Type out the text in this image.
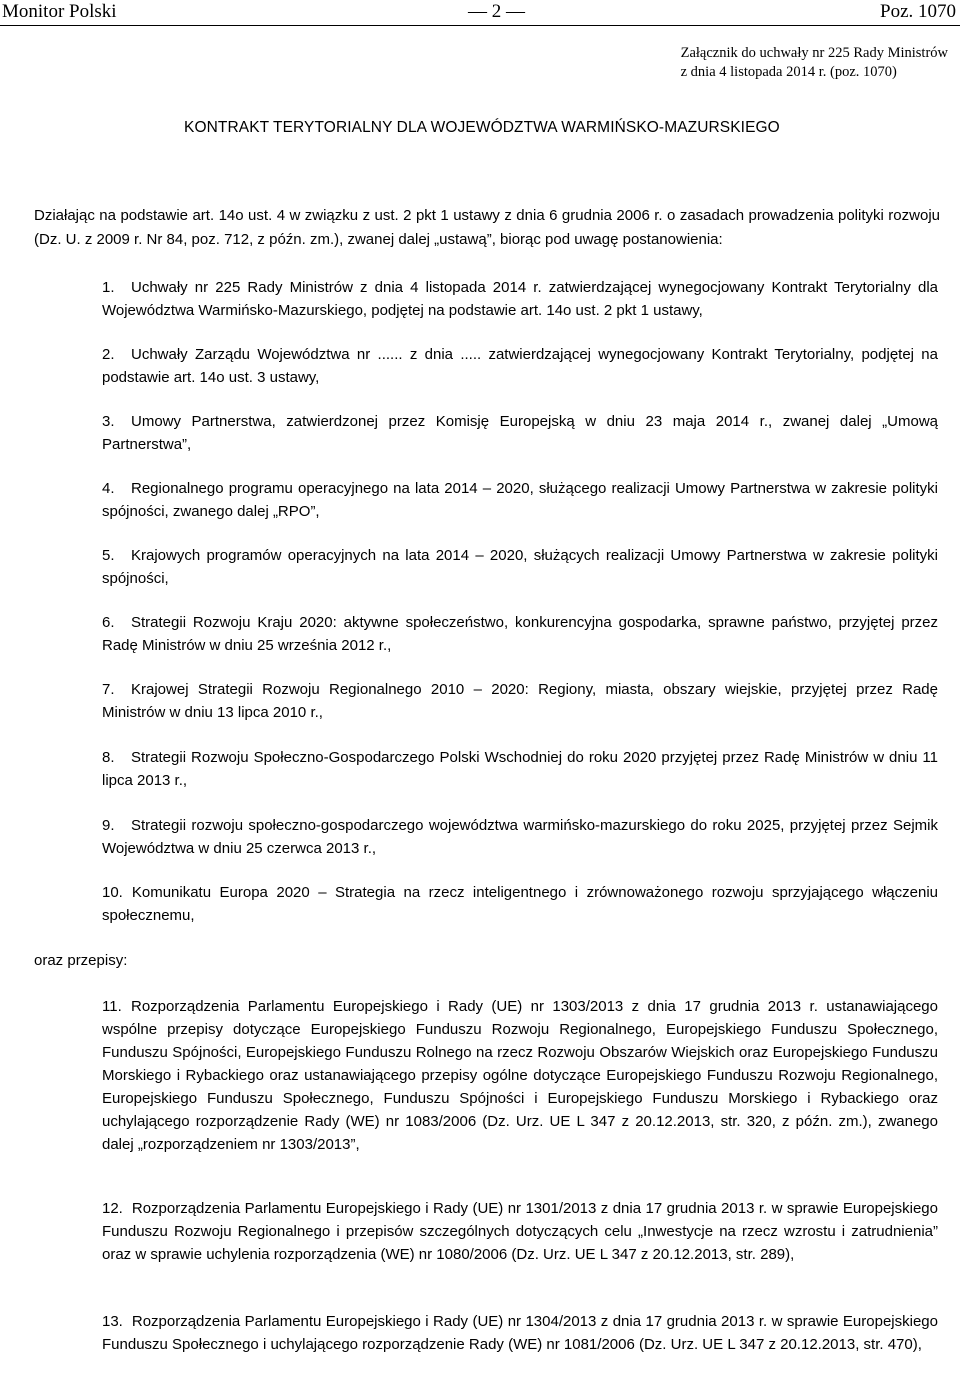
Monitor Polski	— 2 —	Poz. 1070
Załącznik do uchwały nr 225 Rady Ministrów
z dnia 4 listopada 2014 r. (poz. 1070)
KONTRAKT TERYTORIALNY DLA WOJEWÓDZTWA WARMIŃSKO-MAZURSKIEGO

Działając na podstawie art. 14o ust. 4 w związku z ust. 2 pkt 1 ustawy z dnia 6 grudnia 2006 r. o zasadach prowadzenia polityki rozwoju (Dz. U. z 2009 r. Nr 84, poz. 712, z późn. zm.), zwanej dalej „ustawą”, biorąc pod uwagę postanowienia:

1. Uchwały nr 225 Rady Ministrów z dnia 4 listopada 2014 r. zatwierdzającej wynegocjowany Kontrakt Terytorialny dla Województwa Warmińsko-Mazurskiego, podjętej na podstawie art. 14o ust. 2 pkt 1 ustawy,

2. Uchwały Zarządu Województwa nr ...... z dnia ..... zatwierdzającej wynegocjowany Kontrakt Terytorialny, podjętej na podstawie art. 14o ust. 3 ustawy,

3. Umowy Partnerstwa, zatwierdzonej przez Komisję Europejską w dniu 23 maja 2014 r., zwanej dalej „Umową Partnerstwa”,

4. Regionalnego programu operacyjnego na lata 2014 – 2020, służącego realizacji Umowy Partnerstwa w zakresie polityki spójności, zwanego dalej „RPO”,

5. Krajowych programów operacyjnych na lata 2014 – 2020, służących realizacji Umowy Partnerstwa w zakresie polityki spójności,

6. Strategii Rozwoju Kraju 2020: aktywne społeczeństwo, konkurencyjna gospodarka, sprawne państwo, przyjętej przez Radę Ministrów w dniu 25 września 2012 r.,

7. Krajowej Strategii Rozwoju Regionalnego 2010 – 2020: Regiony, miasta, obszary wiejskie, przyjętej przez Radę Ministrów w dniu 13 lipca 2010 r.,

8. Strategii Rozwoju Społeczno-Gospodarczego Polski Wschodniej do roku 2020 przyjętej przez Radę Ministrów w dniu 11 lipca 2013 r.,

9. Strategii rozwoju społeczno-gospodarczego województwa warmińsko-mazurskiego do roku 2025, przyjętej przez Sejmik Województwa w dniu 25 czerwca 2013 r.,

10. Komunikatu Europa 2020 – Strategia na rzecz inteligentnego i zrównoważonego rozwoju sprzyjającego włączeniu społecznemu,

oraz przepisy:

11. Rozporządzenia Parlamentu Europejskiego i Rady (UE) nr 1303/2013 z dnia 17 grudnia 2013 r. ustanawiającego wspólne przepisy dotyczące Europejskiego Funduszu Rozwoju Regionalnego, Europejskiego Funduszu Społecznego, Funduszu Spójności, Europejskiego Funduszu Rolnego na rzecz Rozwoju Obszarów Wiejskich oraz Europejskiego Funduszu Morskiego i Rybackiego oraz ustanawiającego przepisy ogólne dotyczące Europejskiego Funduszu Rozwoju Regionalnego, Europejskiego Funduszu Społecznego, Funduszu Spójności i Europejskiego Funduszu Morskiego i Rybackiego oraz uchylającego rozporządzenie Rady (WE) nr 1083/2006 (Dz. Urz. UE L 347 z 20.12.2013, str. 320, z późn. zm.), zwanego dalej „rozporządzeniem nr 1303/2013”,

12. Rozporządzenia Parlamentu Europejskiego i Rady (UE) nr 1301/2013 z dnia 17 grudnia 2013 r. w sprawie Europejskiego Funduszu Rozwoju Regionalnego i przepisów szczególnych dotyczących celu „Inwestycje na rzecz wzrostu i zatrudnienia” oraz w sprawie uchylenia rozporządzenia (WE) nr 1080/2006 (Dz. Urz. UE L 347 z 20.12.2013, str. 289),

13. Rozporządzenia Parlamentu Europejskiego i Rady (UE) nr 1304/2013 z dnia 17 grudnia 2013 r. w sprawie Europejskiego Funduszu Społecznego i uchylającego rozporządzenie Rady (WE) nr 1081/2006 (Dz. Urz. UE L 347 z 20.12.2013, str. 470),
